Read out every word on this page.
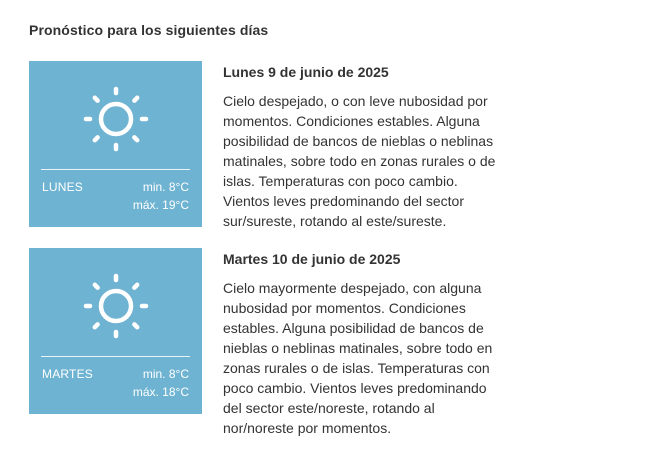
Pronóstico para los siguientes días
LUNES	min. 8°C
máx. 19°C
Lunes 9 de junio de 2025

Cielo despejado, o con leve nubosidad por momentos. Condiciones estables. Alguna posibilidad de bancos de nieblas o neblinas matinales, sobre todo en zonas rurales o de islas. Temperaturas con poco cambio. Vientos leves predominando del sector sur/sureste, rotando al este/sureste.

MARTES	min. 8°C
máx. 18°C
Martes 10 de junio de 2025

Cielo mayormente despejado, con alguna nubosidad por momentos. Condiciones estables. Alguna posibilidad de bancos de nieblas o neblinas matinales, sobre todo en zonas rurales o de islas. Temperaturas con poco cambio. Vientos leves predominando del sector este/noreste, rotando al nor/noreste por momentos.
